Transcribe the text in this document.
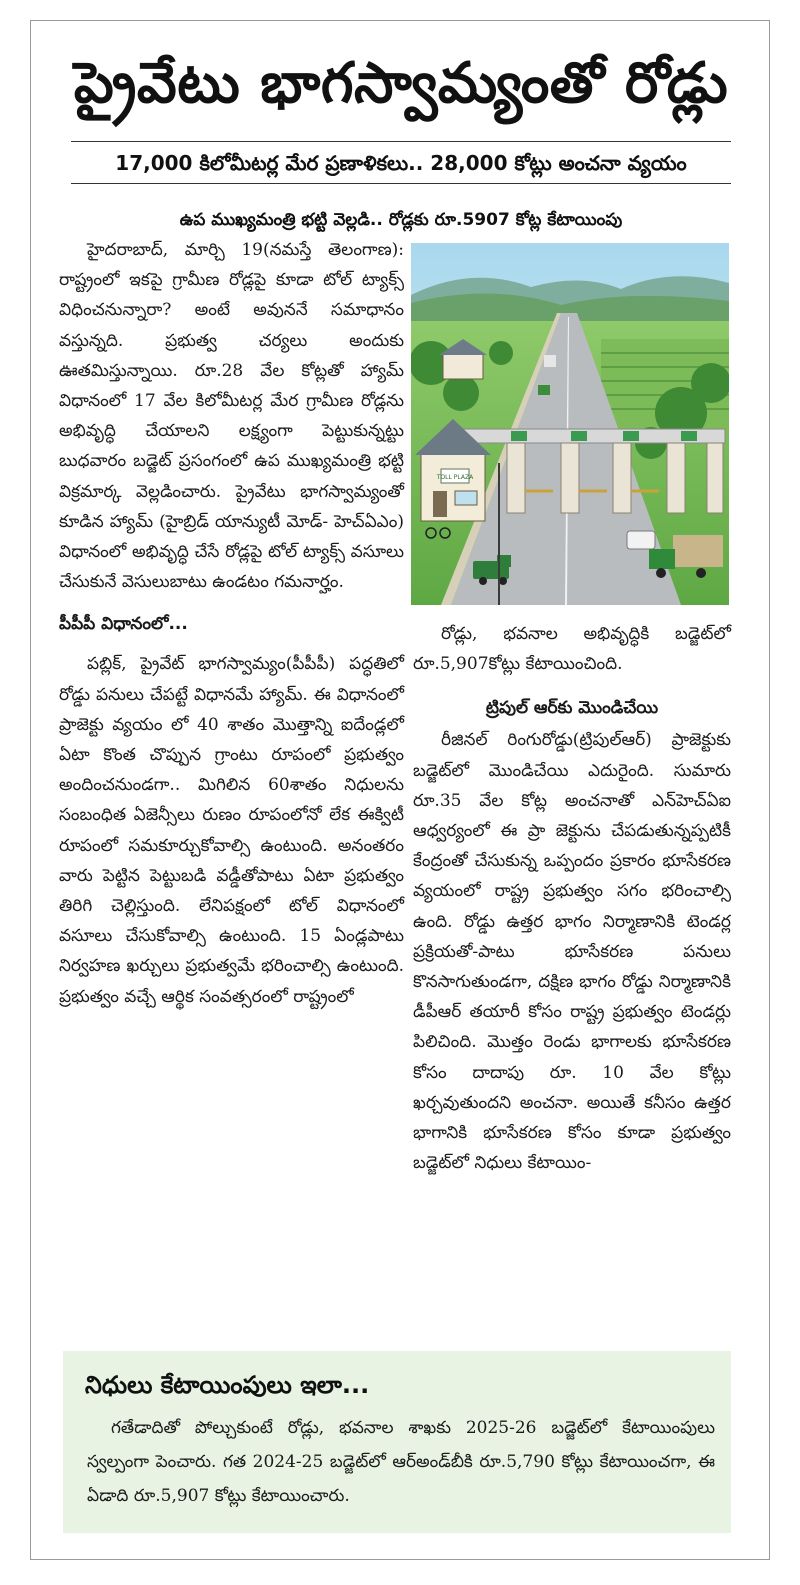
ప్రైవేటు భాగస్వామ్యంతో రోడ్లు
17,000 కిలోమీటర్ల మేర ప్రణాళికలు.. 28,000 కోట్లు అంచనా వ్యయం
ఉప ముఖ్యమంత్రి భట్టి వెల్లడి.. రోడ్లకు రూ.5907 కోట్ల కేటాయింపు

హైదరాబాద్, మార్చి 19(నమస్తే తెలంగాణ): రాష్ట్రంలో ఇకపై గ్రామీణ రోడ్లపై కూడా టోల్ ట్యాక్స్ విధించనున్నారా? అంటే అవుననే సమాధానం వస్తున్నది. ప్రభుత్వ చర్యలు అందుకు ఊతమిస్తున్నాయి. రూ.28 వేల కోట్లతో హ్యామ్ విధానంలో 17 వేల కిలోమీటర్ల మేర గ్రామీణ రోడ్లను అభివృద్ధి చేయాలని లక్ష్యంగా పెట్టుకున్నట్టు బుధవారం బడ్జెట్ ప్రసంగంలో ఉప ముఖ్యమంత్రి భట్టి విక్రమార్క వెల్లడించారు. ప్రైవేటు భాగస్వామ్యంతో కూడిన హ్యామ్ (హైబ్రిడ్ యాన్యుటీ మోడ్- హెచ్ఏఎం) విధానంలో అభివృద్ధి చేసే రోడ్లపై టోల్ ట్యాక్స్ వసూలు చేసుకునే వెసులుబాటు ఉండటం గమనార్హం.

పీపీపీ విధానంలో...

పబ్లిక్, ప్రైవేట్ భాగస్వామ్యం(పీపీపీ) పద్ధతిలో రోడ్డు పనులు చేపట్టే విధానమే హ్యామ్. ఈ విధానంలో ప్రాజెక్టు వ్యయం లో 40 శాతం మొత్తాన్ని ఐదేండ్లలో ఏటా కొంత చొప్పున గ్రాంటు రూపంలో ప్రభుత్వం అందించనుండగా.. మిగిలిన 60శాతం నిధులను సంబంధిత ఏజెన్సీలు రుణం రూపంలోనో లేక ఈక్విటీ రూపంలో సమకూర్చుకోవాల్సి ఉంటుంది. అనంతరం వారు పెట్టిన పెట్టుబడి వడ్డీతోపాటు ఏటా ప్రభుత్వం తిరిగి చెల్లిస్తుంది. లేనిపక్షంలో టోల్ విధానంలో వసూలు చేసుకోవాల్సి ఉంటుంది. 15 ఏండ్లపాటు నిర్వహణ ఖర్చులు ప్రభుత్వమే భరించాల్సి ఉంటుంది. ప్రభుత్వం వచ్చే ఆర్థిక సంవత్సరంలో రాష్ట్రంలో

TOLL PLAZA

రోడ్లు, భవనాల అభివృద్ధికి బడ్జెట్‌లో రూ.5,907కోట్లు కేటాయించింది.

ట్రిపుల్ ఆర్‌కు మొండిచేయి

రీజినల్ రింగురోడ్డు(ట్రిపుల్‌ఆర్) ప్రాజెక్టుకు బడ్జెట్‌లో మొండిచేయి ఎదురైంది. సుమారు రూ.35 వేల కోట్ల అంచనాతో ఎన్‌హెచ్ఏఐ ఆధ్వర్యంలో ఈ ప్రా జెక్టును చేపడుతున్నప్పటికీ కేంద్రంతో చేసుకున్న ఒప్పందం ప్రకారం భూసేకరణ వ్యయంలో రాష్ట్ర ప్రభుత్వం సగం భరించాల్సి ఉంది. రోడ్డు ఉత్తర భాగం నిర్మాణానికి టెండర్ల ప్రక్రియతో-పాటు భూసేకరణ పనులు కొనసాగుతుండగా, దక్షిణ భాగం రోడ్డు నిర్మాణానికి డీపీఆర్ తయారీ కోసం రాష్ట్ర ప్రభుత్వం టెండర్లు పిలిచింది. మొత్తం రెండు భాగాలకు భూసేకరణ కోసం దాదాపు రూ. 10 వేల కోట్లు ఖర్చవుతుందని అంచనా. అయితే కనీసం ఉత్తర భాగానికి భూసేకరణ కోసం కూడా ప్రభుత్వం బడ్జెట్‌లో నిధులు కేటాయిం-

నిధులు కేటాయింపులు ఇలా...

గతేడాదితో పోల్చుకుంటే రోడ్లు, భవనాల శాఖకు 2025-26 బడ్జెట్‌లో కేటాయింపులు స్వల్పంగా పెంచారు. గత 2024-25 బడ్జెట్‌లో ఆర్‌అండ్‌బీకి రూ.5,790 కోట్లు కేటాయించగా, ఈ ఏడాది రూ.5,907 కోట్లు కేటాయించారు.
